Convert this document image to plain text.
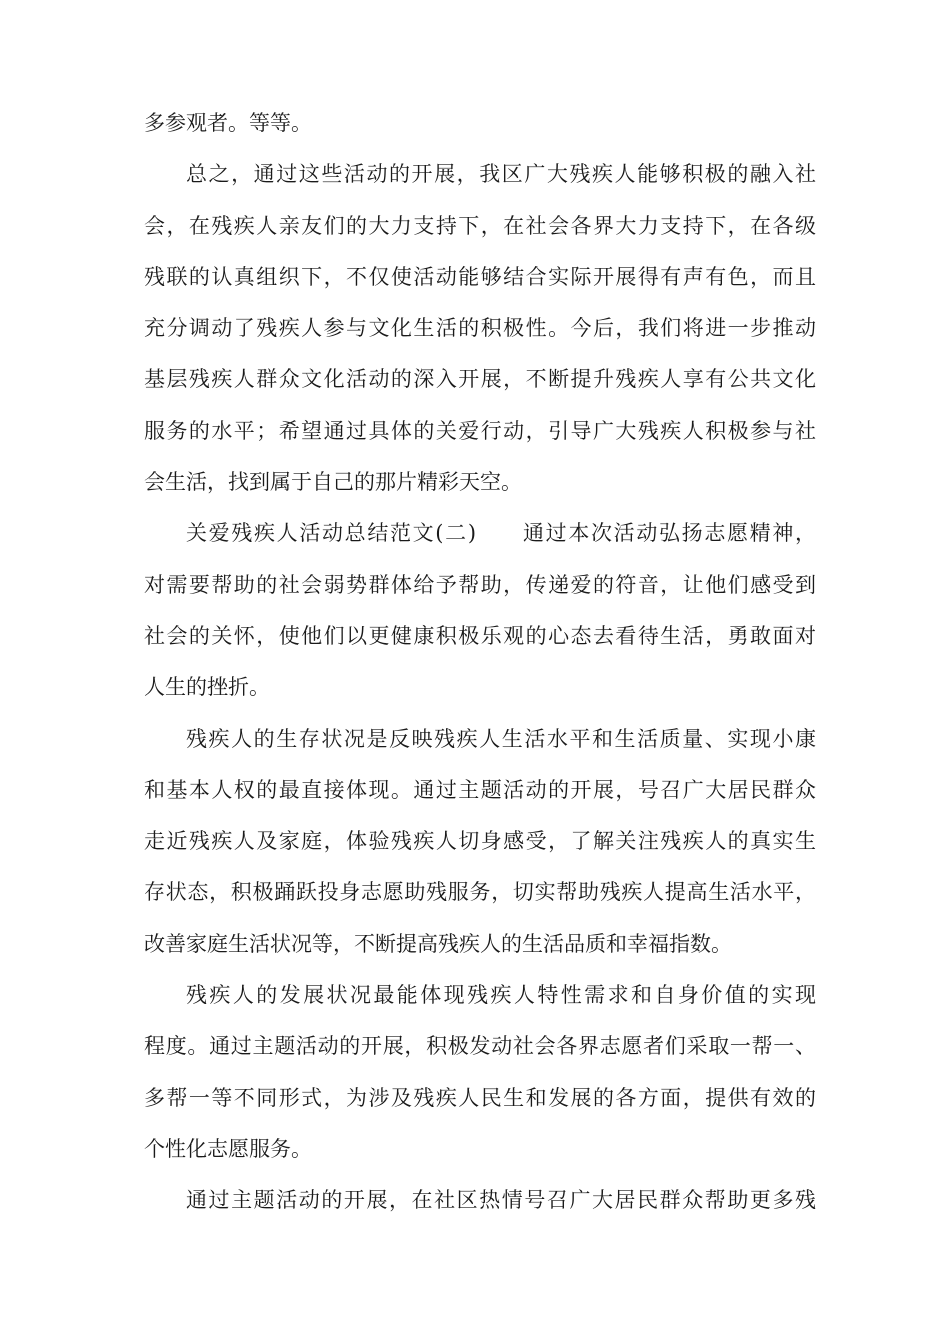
多参观者。等等。
总之，通过这些活动的开展，我区广大残疾人能够积极的融入社
会，在残疾人亲友们的大力支持下，在社会各界大力支持下，在各级
残联的认真组织下，不仅使活动能够结合实际开展得有声有色，而且
充分调动了残疾人参与文化生活的积极性。今后，我们将进一步推动
基层残疾人群众文化活动的深入开展，不断提升残疾人享有公共文化
服务的水平；希望通过具体的关爱行动，引导广大残疾人积极参与社
会生活，找到属于自己的那片精彩天空。
关爱残疾人活动总结范文(二)　　通过本次活动弘扬志愿精神，
对需要帮助的社会弱势群体给予帮助，传递爱的符音，让他们感受到
社会的关怀，使他们以更健康积极乐观的心态去看待生活，勇敢面对
人生的挫折。
残疾人的生存状况是反映残疾人生活水平和生活质量、实现小康
和基本人权的最直接体现。通过主题活动的开展，号召广大居民群众
走近残疾人及家庭，体验残疾人切身感受，了解关注残疾人的真实生
存状态，积极踊跃投身志愿助残服务，切实帮助残疾人提高生活水平，
改善家庭生活状况等，不断提高残疾人的生活品质和幸福指数。
残疾人的发展状况最能体现残疾人特性需求和自身价值的实现
程度。通过主题活动的开展，积极发动社会各界志愿者们采取一帮一、
多帮一等不同形式，为涉及残疾人民生和发展的各方面，提供有效的
个性化志愿服务。
通过主题活动的开展，在社区热情号召广大居民群众帮助更多残
